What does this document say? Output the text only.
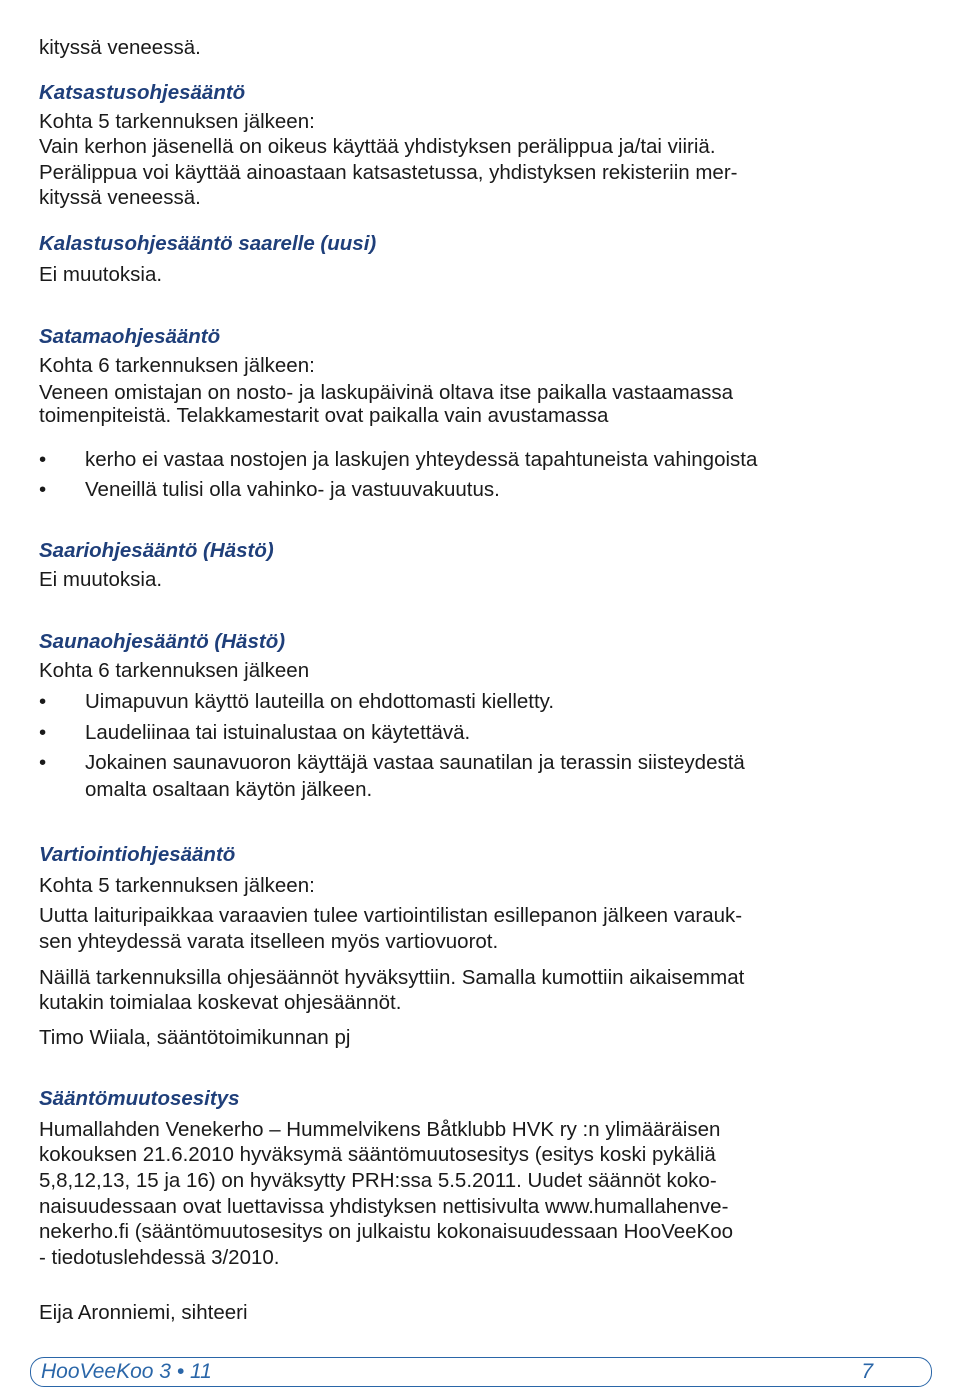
kityssä veneessä.
Katsastusohjesääntö
Kohta 5 tarkennuksen jälkeen:
Vain kerhon jäsenellä on oikeus käyttää yhdistyksen perälippua ja/tai viiriä.
Perälippua voi käyttää ainoastaan katsastetussa, yhdistyksen rekisteriin mer-
kityssä veneessä.
Kalastusohjesääntö saarelle (uusi)
Ei muutoksia.
Satamaohjesääntö
Kohta 6 tarkennuksen jälkeen:
Veneen omistajan on nosto- ja laskupäivinä oltava itse paikalla vastaamassa
toimenpiteistä. Telakkamestarit ovat paikalla vain avustamassa
• kerho ei vastaa nostojen ja laskujen yhteydessä tapahtuneista vahingoista
• Veneillä tulisi olla vahinko- ja vastuuvakuutus.
Saariohjesääntö (Hästö)
Ei muutoksia.
Saunaohjesääntö (Hästö)
Kohta 6 tarkennuksen jälkeen
• Uimapuvun käyttö lauteilla on ehdottomasti kielletty.
• Laudeliinaa tai istuinalustaa on käytettävä.
• Jokainen saunavuoron käyttäjä vastaa saunatilan ja terassin siisteydestä
omalta osaltaan käytön jälkeen.
Vartiointiohjesääntö
Kohta 5 tarkennuksen jälkeen:
Uutta laituripaikkaa varaavien tulee vartiointilistan esillepanon jälkeen varauk-
sen yhteydessä varata itselleen myös vartiovuorot.
Näillä tarkennuksilla ohjesäännöt hyväksyttiin. Samalla kumottiin aikaisemmat
kutakin toimialaa koskevat ohjesäännöt.
Timo Wiiala, sääntötoimikunnan pj
Sääntömuutosesitys
Humallahden Venekerho – Hummelvikens Båtklubb HVK ry :n ylimääräisen
kokouksen 21.6.2010 hyväksymä sääntömuutosesitys (esitys koski pykäliä
5,8,12,13, 15 ja 16) on hyväksytty PRH:ssa 5.5.2011. Uudet säännöt koko-
naisuudessaan ovat luettavissa yhdistyksen nettisivulta www.humallahenve-
nekerho.fi (sääntömuutosesitys on julkaistu kokonaisuudessaan HooVeeKoo
- tiedotuslehdessä 3/2010.
Eija Aronniemi, sihteeri
HooVeeKoo 3 • 11	7
